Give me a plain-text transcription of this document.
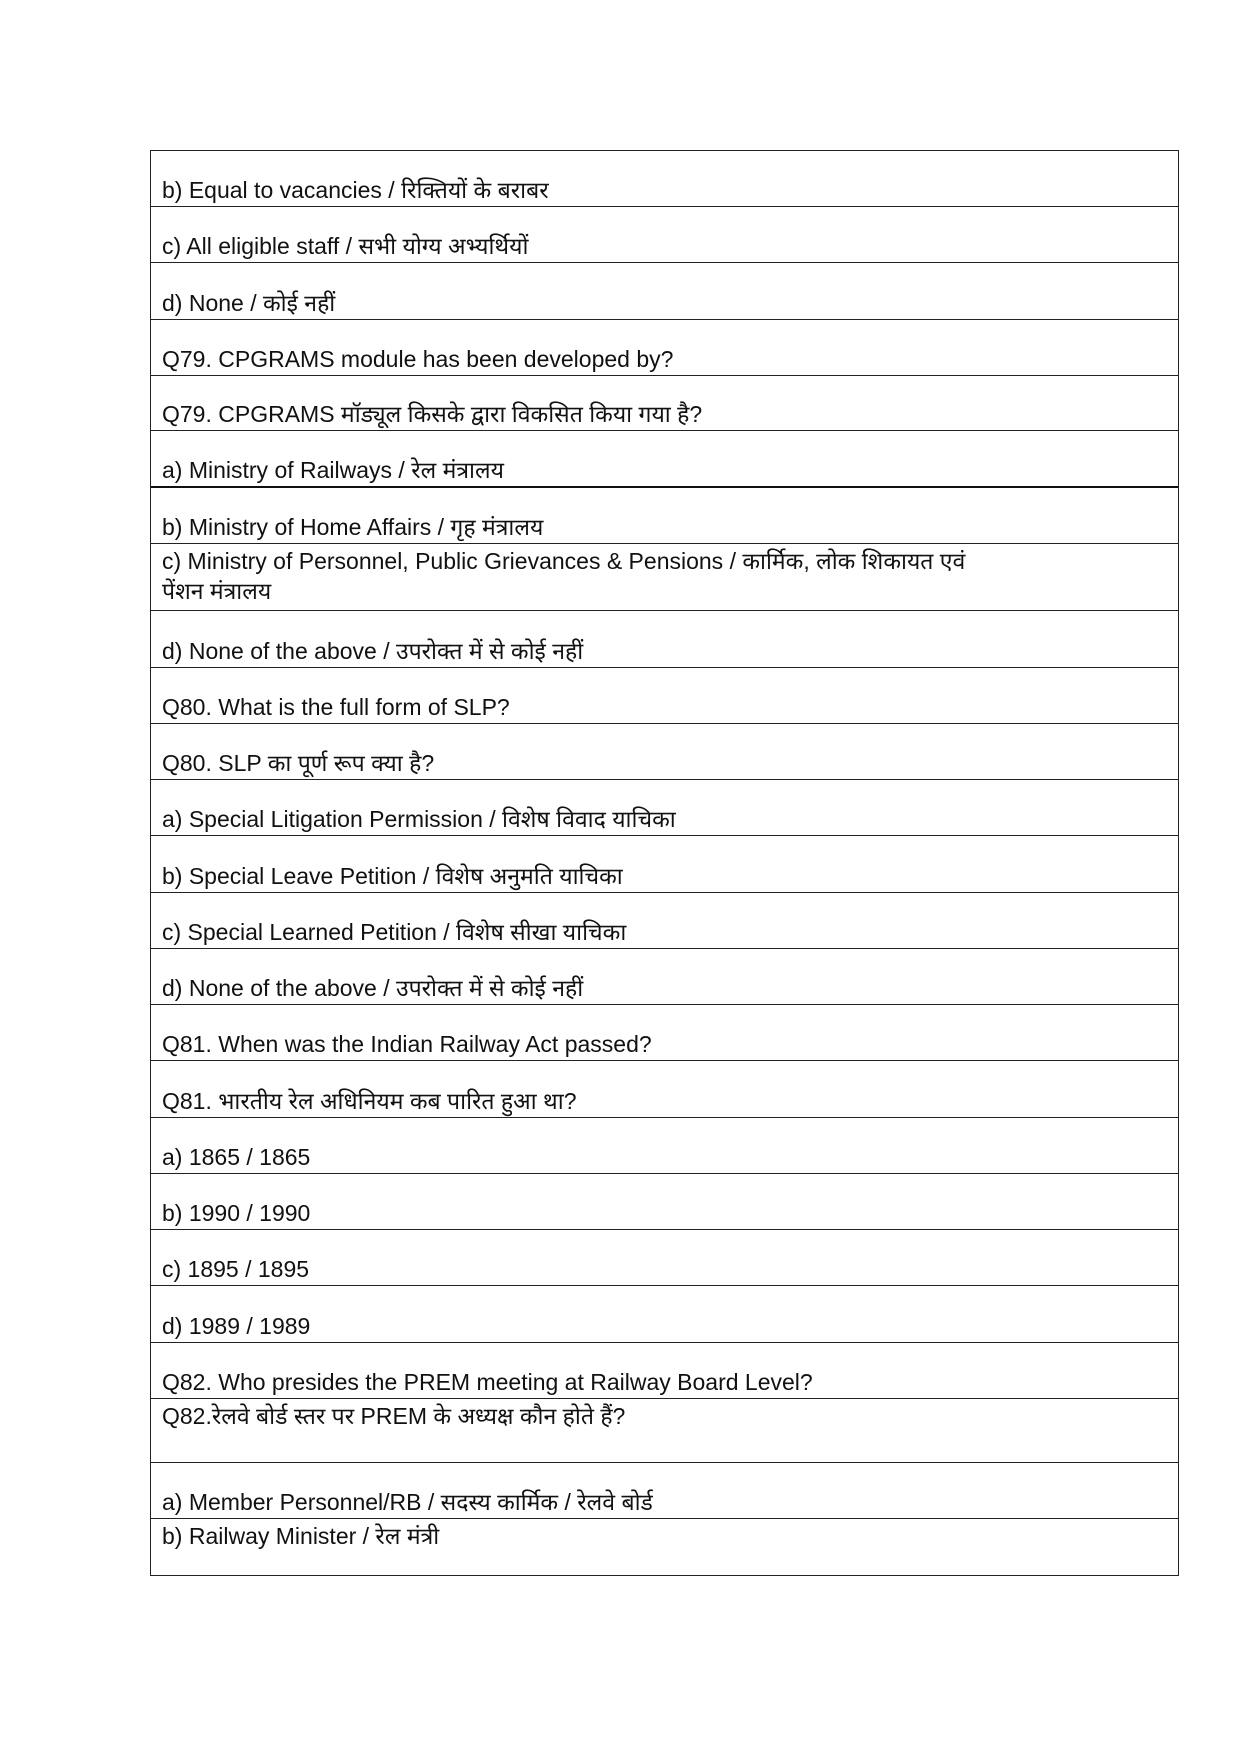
b) Equal to vacancies / रिक्तियों के बराबर
c) All eligible staff / सभी योग्य अभ्यर्थियों
d) None / कोई नहीं
Q79. CPGRAMS module has been developed by?
Q79. CPGRAMS मॉड्यूल किसके द्वारा विकसित किया गया है?
a) Ministry of Railways / रेल मंत्रालय
b) Ministry of Home Affairs / गृह मंत्रालय
c) Ministry of Personnel, Public Grievances & Pensions / कार्मिक, लोक शिकायत एवं पेंशन मंत्रालय
d) None of the above / उपरोक्त में से कोई नहीं
Q80. What is the full form of SLP?
Q80. SLP का पूर्ण रूप क्या है?
a) Special Litigation Permission / विशेष विवाद याचिका
b) Special Leave Petition / विशेष अनुमति याचिका
c) Special Learned Petition / विशेष सीखा याचिका
d) None of the above / उपरोक्त में से कोई नहीं
Q81. When was the Indian Railway Act passed?
Q81. भारतीय रेल अधिनियम कब पारित हुआ था?
a) 1865 / 1865
b) 1990 / 1990
c) 1895 / 1895
d) 1989 / 1989
Q82. Who presides the PREM meeting at Railway Board Level?
Q82.रेलवे बोर्ड स्तर पर PREM के अध्यक्ष कौन होते हैं?
a) Member Personnel/RB / सदस्य कार्मिक / रेलवे बोर्ड
b) Railway Minister / रेल मंत्री
